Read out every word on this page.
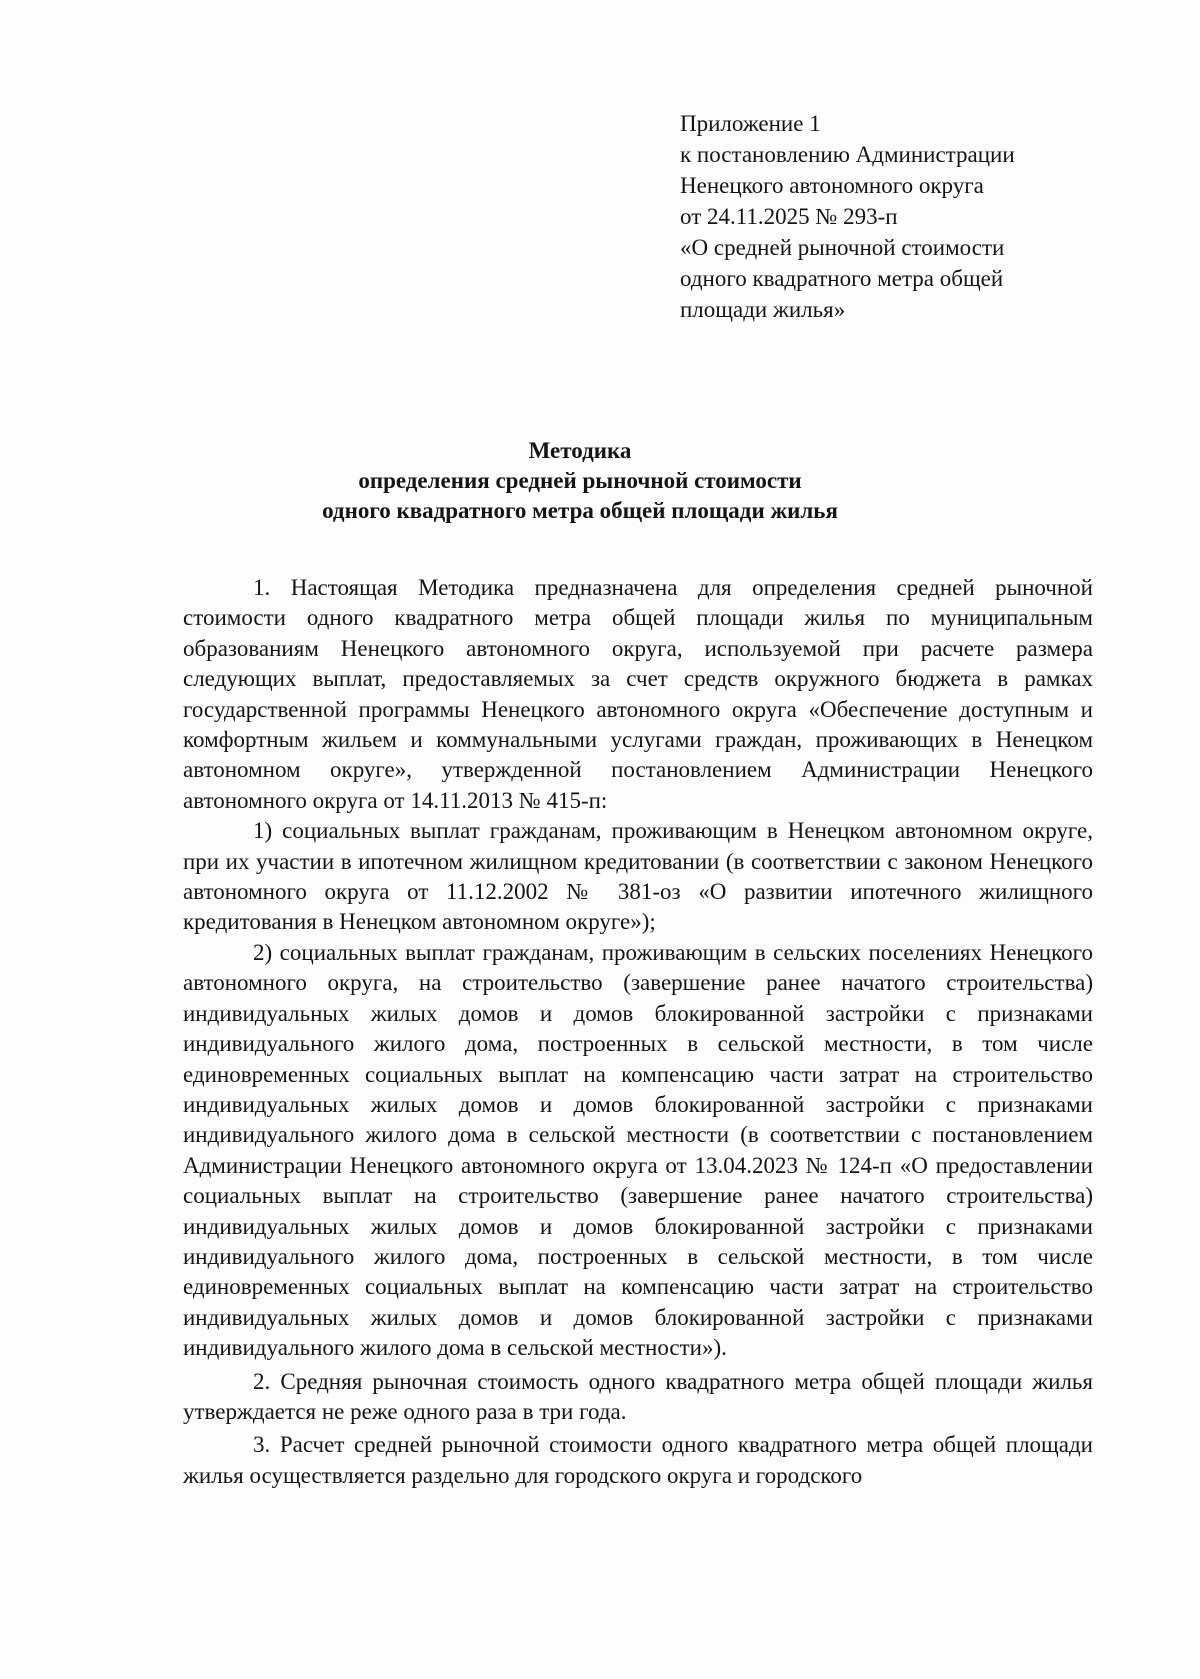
Приложение 1
к постановлению Администрации
Ненецкого автономного округа
от 24.11.2025 № 293-п
«О средней рыночной стоимости
одного квадратного метра общей
площади жилья»
Методика
определения средней рыночной стоимости
одного квадратного метра общей площади жилья

1. Настоящая Методика предназначена для определения средней рыночной стоимости одного квадратного метра общей площади жилья по муниципальным образованиям Ненецкого автономного округа, используемой при расчете размера следующих выплат, предоставляемых за счет средств окружного бюджета в рамках государственной программы Ненецкого автономного округа «Обеспечение доступным и комфортным жильем и коммунальными услугами граждан, проживающих в Ненецком автономном округе», утвержденной постановлением Администрации Ненецкого автономного округа от 14.11.2013 № 415-п:

1) социальных выплат гражданам, проживающим в Ненецком автономном округе, при их участии в ипотечном жилищном кредитовании (в соответствии с законом Ненецкого автономного округа от 11.12.2002 № 381-оз «О развитии ипотечного жилищного кредитования в Ненецком автономном округе»);

2) социальных выплат гражданам, проживающим в сельских поселениях Ненецкого автономного округа, на строительство (завершение ранее начатого строительства) индивидуальных жилых домов и домов блокированной застройки с признаками индивидуального жилого дома, построенных в сельской местности, в том числе единовременных социальных выплат на компенсацию части затрат на строительство индивидуальных жилых домов и домов блокированной застройки с признаками индивидуального жилого дома в сельской местности (в соответствии с постановлением Администрации Ненецкого автономного округа от 13.04.2023 № 124-п «О предоставлении социальных выплат на строительство (завершение ранее начатого строительства) индивидуальных жилых домов и домов блокированной застройки с признаками индивидуального жилого дома, построенных в сельской местности, в том числе единовременных социальных выплат на компенсацию части затрат на строительство индивидуальных жилых домов и домов блокированной застройки с признаками индивидуального жилого дома в сельской местности»).

2. Средняя рыночная стоимость одного квадратного метра общей площади жилья утверждается не реже одного раза в три года.

3. Расчет средней рыночной стоимости одного квадратного метра общей площади жилья осуществляется раздельно для городского округа и городского
